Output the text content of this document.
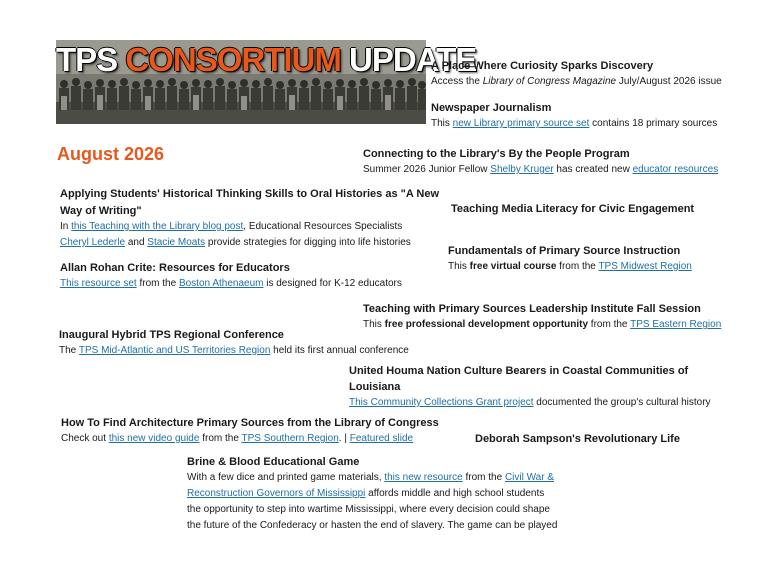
TPS CONSORTIUM UPDATE
August 2026
A Place Where Curiosity Sparks Discovery
Access the Library of Congress Magazine July/August 2026 issue
Newspaper Journalism
This new Library primary source set contains 18 primary sources
Connecting to the Library's By the People Program
Summer 2026 Junior Fellow Shelby Kruger has created new educator resources
Applying Students' Historical Thinking Skills to Oral Histories as "A New
Way of Writing"
In this Teaching with the Library blog post, Educational Resources Specialists
Cheryl Lederle and Stacie Moats provide strategies for digging into life histories
Teaching Media Literacy for Civic Engagement
Fundamentals of Primary Source Instruction
This free virtual course from the TPS Midwest Region
Allan Rohan Crite: Resources for Educators
This resource set from the Boston Athenaeum is designed for K-12 educators
Teaching with Primary Sources Leadership Institute Fall Session
This free professional development opportunity from the TPS Eastern Region
Inaugural Hybrid TPS Regional Conference
The TPS Mid-Atlantic and US Territories Region held its first annual conference
United Houma Nation Culture Bearers in Coastal Communities of
Louisiana
This Community Collections Grant project documented the group's cultural history
How To Find Architecture Primary Sources from the Library of Congress
Check out this new video guide from the TPS Southern Region. | Featured slide	Deborah Sampson's Revolutionary Life
Brine & Blood Educational Game
With a few dice and printed game materials, this new resource from the Civil War &
Reconstruction Governors of Mississippi affords middle and high school students
the opportunity to step into wartime Mississippi, where every decision could shape
the future of the Confederacy or hasten the end of slavery. The game can be played
